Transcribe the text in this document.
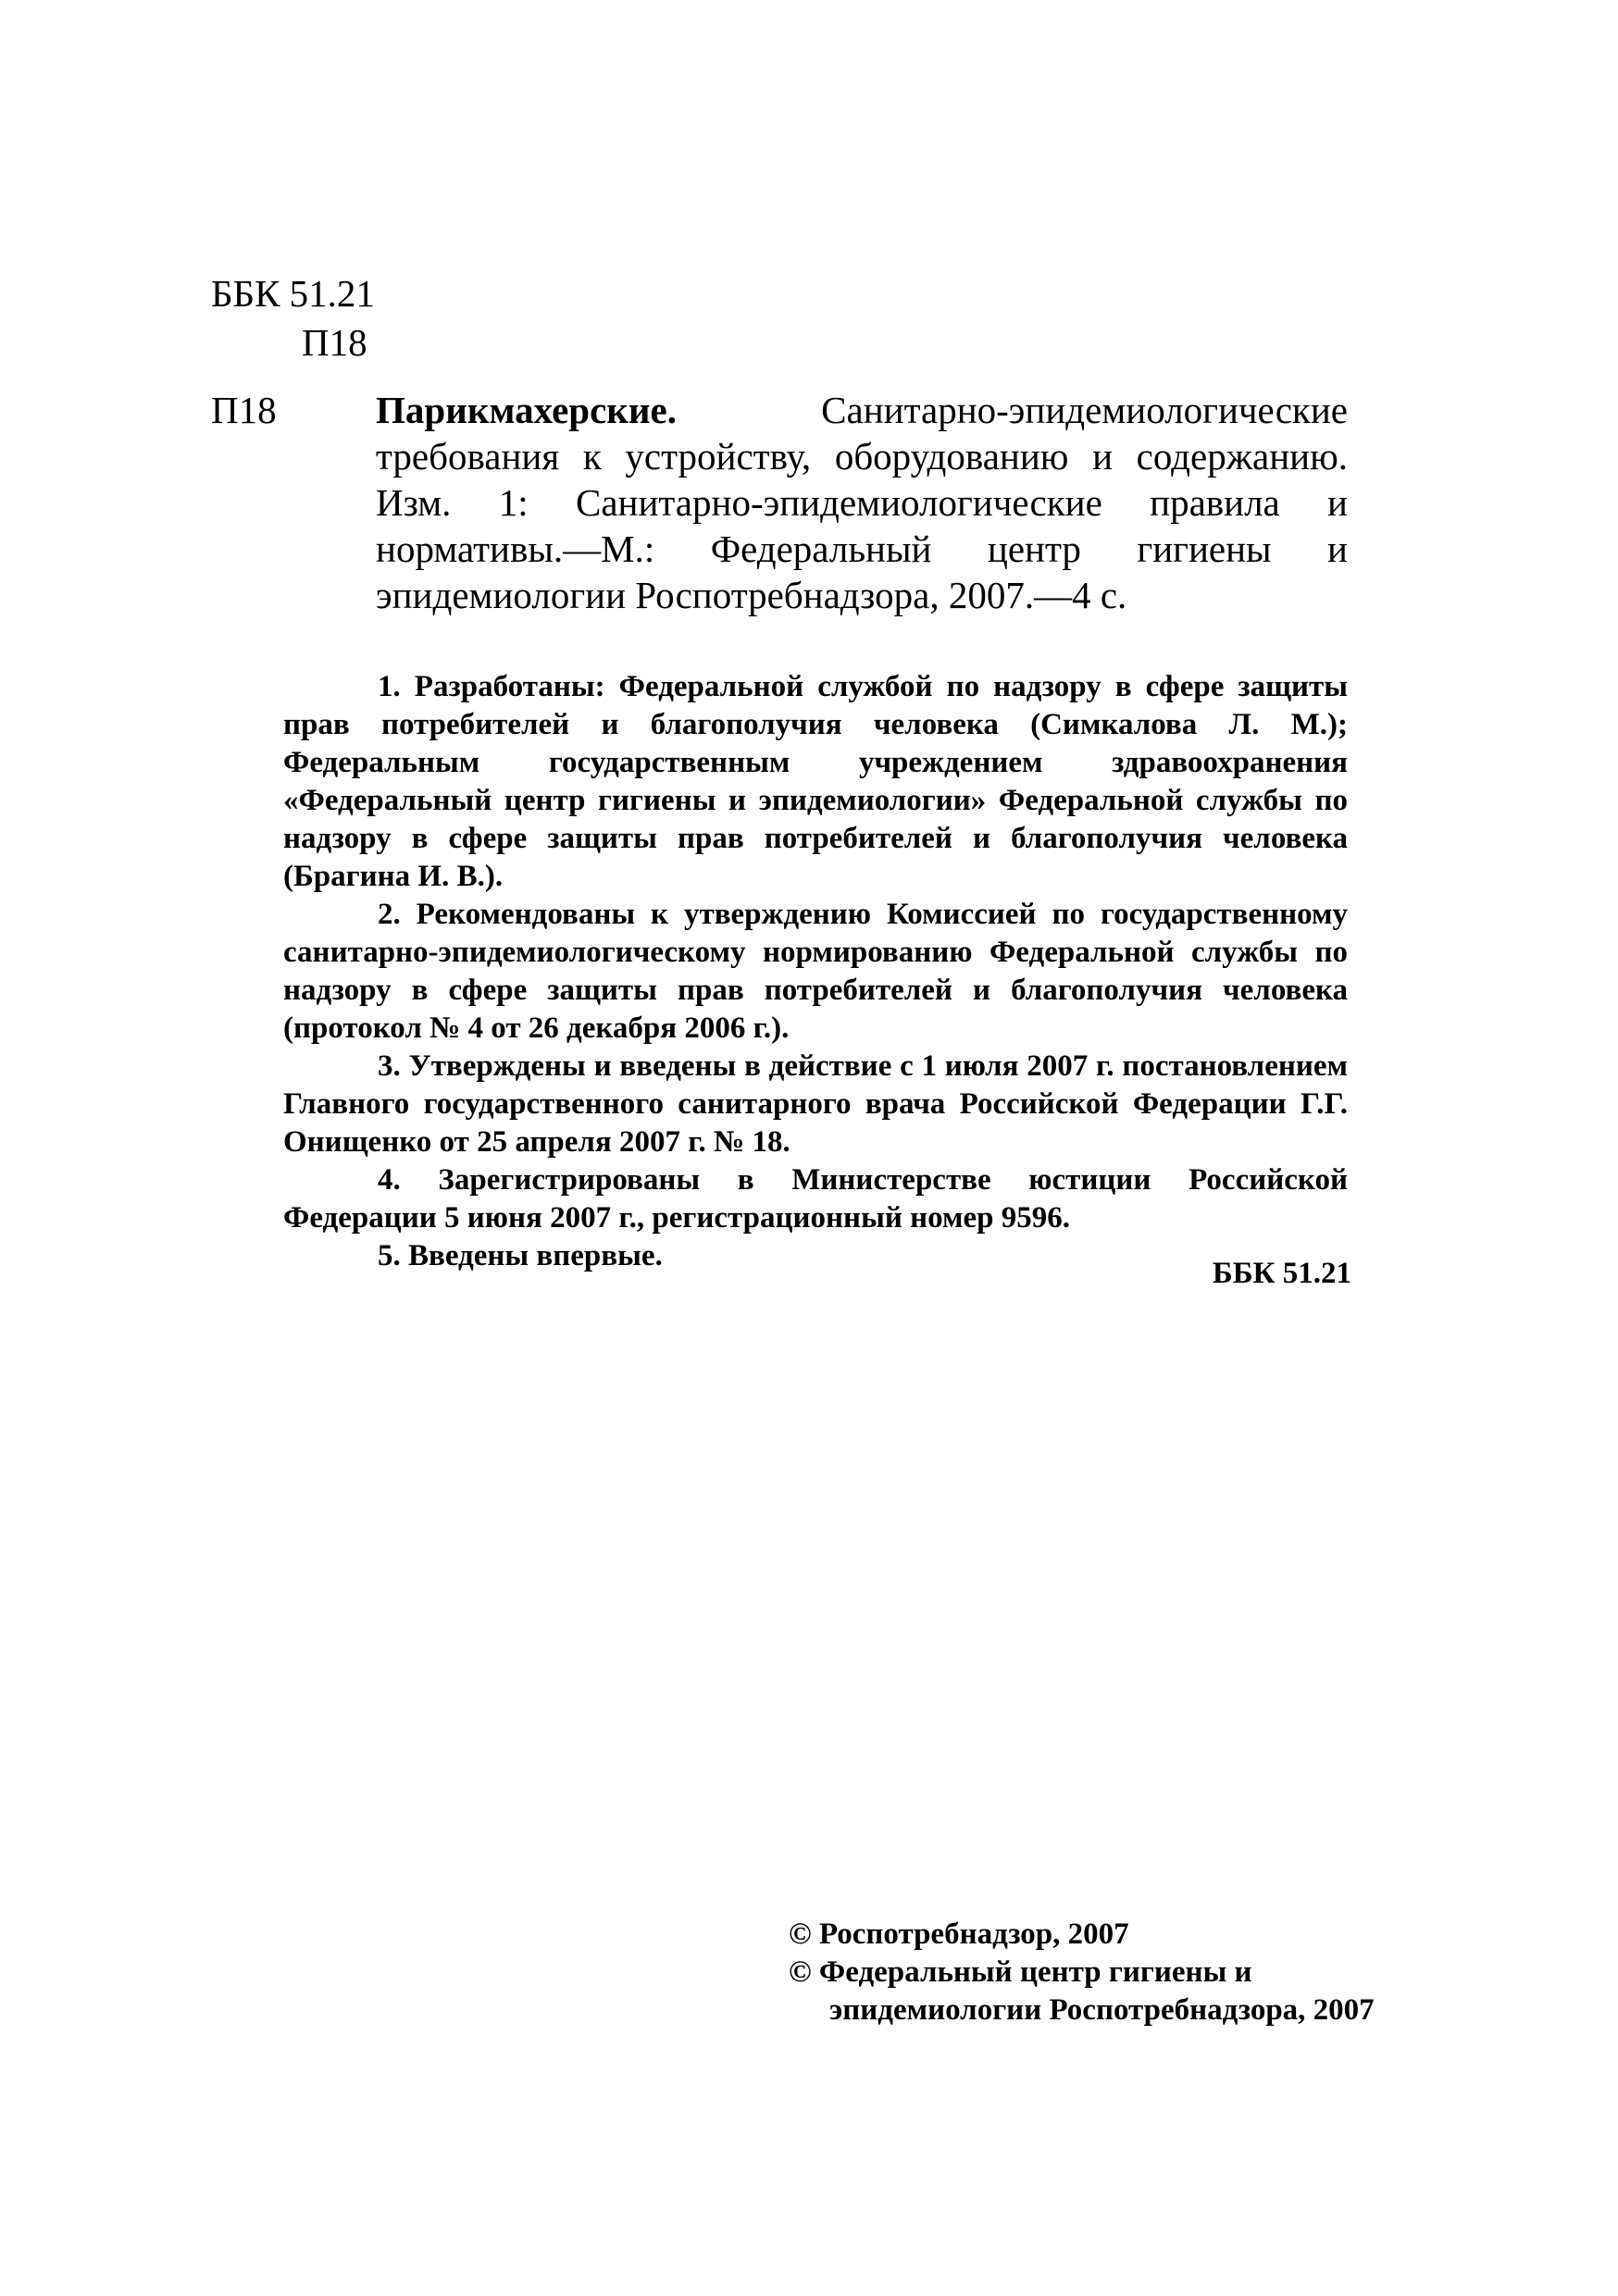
ББК 51.21
П18
П18	Парикмахерские.	Санитарно-эпидемиологические требования к устройству, оборудованию и содержанию. Изм. 1: Санитарно-эпидемиологические правила и нормативы.—М.: Федеральный центр гигиены и эпидемиологии Роспотребнадзора, 2007.—4 с.

1. Разработаны: Федеральной службой по надзору в сфере защиты прав потребителей и благополучия человека (Симкалова Л. М.); Федеральным государственным учреждением здравоохранения «Федеральный центр гигиены и эпидемиологии» Федеральной службы по надзору в сфере защиты прав потребителей и благополучия человека (Брагина И. В.).

2. Рекомендованы к утверждению Комиссией по государственному санитарно-эпидемиологическому нормированию Федеральной службы по надзору в сфере защиты прав потребителей и благополучия человека (протокол № 4 от 26 декабря 2006 г.).

3. Утверждены и введены в действие с 1 июля 2007 г. постановлением Главного государственного санитарного врача Российской Федерации Г.Г. Онищенко от 25 апреля 2007 г. № 18.

4. Зарегистрированы в Министерстве юстиции Российской Федерации 5 июня 2007 г., регистрационный номер 9596.

5. Введены впервые.

ББК 51.21
© Роспотребнадзор, 2007
© Федеральный центр гигиены и
эпидемиологии Роспотребнадзора, 2007
